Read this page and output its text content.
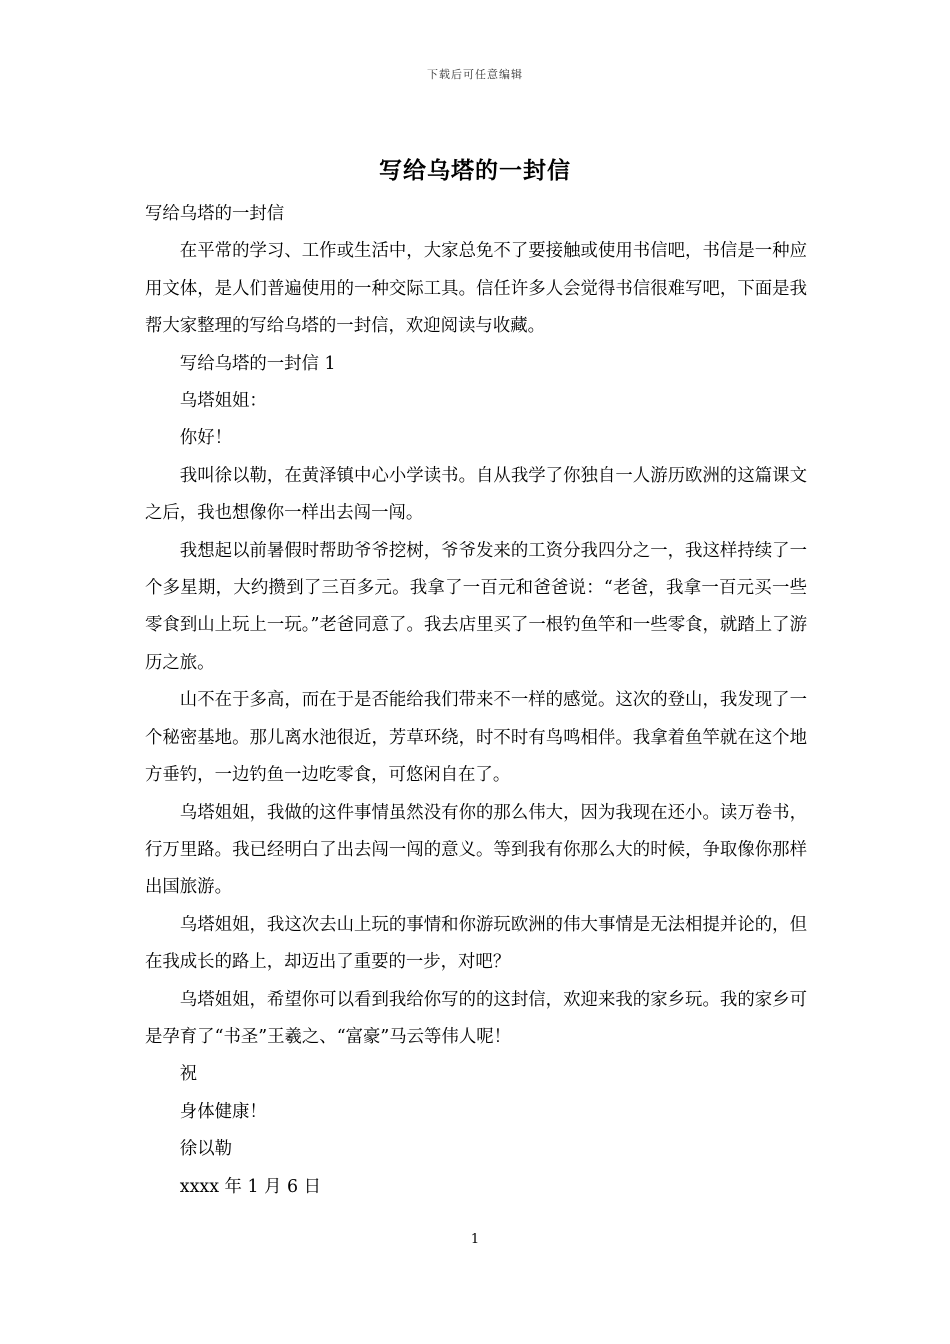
下载后可任意编辑
写给乌塔的一封信

写给乌塔的一封信

在平常的学习、工作或生活中，大家总免不了要接触或使用书信吧，书信是一种应用文体，是人们普遍使用的一种交际工具。信任许多人会觉得书信很难写吧，下面是我帮大家整理的写给乌塔的一封信，欢迎阅读与收藏。

写给乌塔的一封信 1

乌塔姐姐：

你好！

我叫徐以勒，在黄泽镇中心小学读书。自从我学了你独自一人游历欧洲的这篇课文之后，我也想像你一样出去闯一闯。

我想起以前暑假时帮助爷爷挖树，爷爷发来的工资分我四分之一，我这样持续了一个多星期，大约攒到了三百多元。我拿了一百元和爸爸说：“老爸，我拿一百元买一些零食到山上玩上一玩。”老爸同意了。我去店里买了一根钓鱼竿和一些零食，就踏上了游历之旅。

山不在于多高，而在于是否能给我们带来不一样的感觉。这次的登山，我发现了一个秘密基地。那儿离水池很近，芳草环绕，时不时有鸟鸣相伴。我拿着鱼竿就在这个地方垂钓，一边钓鱼一边吃零食，可悠闲自在了。

乌塔姐姐，我做的这件事情虽然没有你的那么伟大，因为我现在还小。读万卷书，行万里路。我已经明白了出去闯一闯的意义。等到我有你那么大的时候，争取像你那样出国旅游。

乌塔姐姐，我这次去山上玩的事情和你游玩欧洲的伟大事情是无法相提并论的，但在我成长的路上，却迈出了重要的一步，对吧？

乌塔姐姐，希望你可以看到我给你写的的这封信，欢迎来我的家乡玩。我的家乡可是孕育了“书圣”王羲之、“富豪”马云等伟人呢！

祝

身体健康！

徐以勒

xxxx 年 1 月 6 日

1
